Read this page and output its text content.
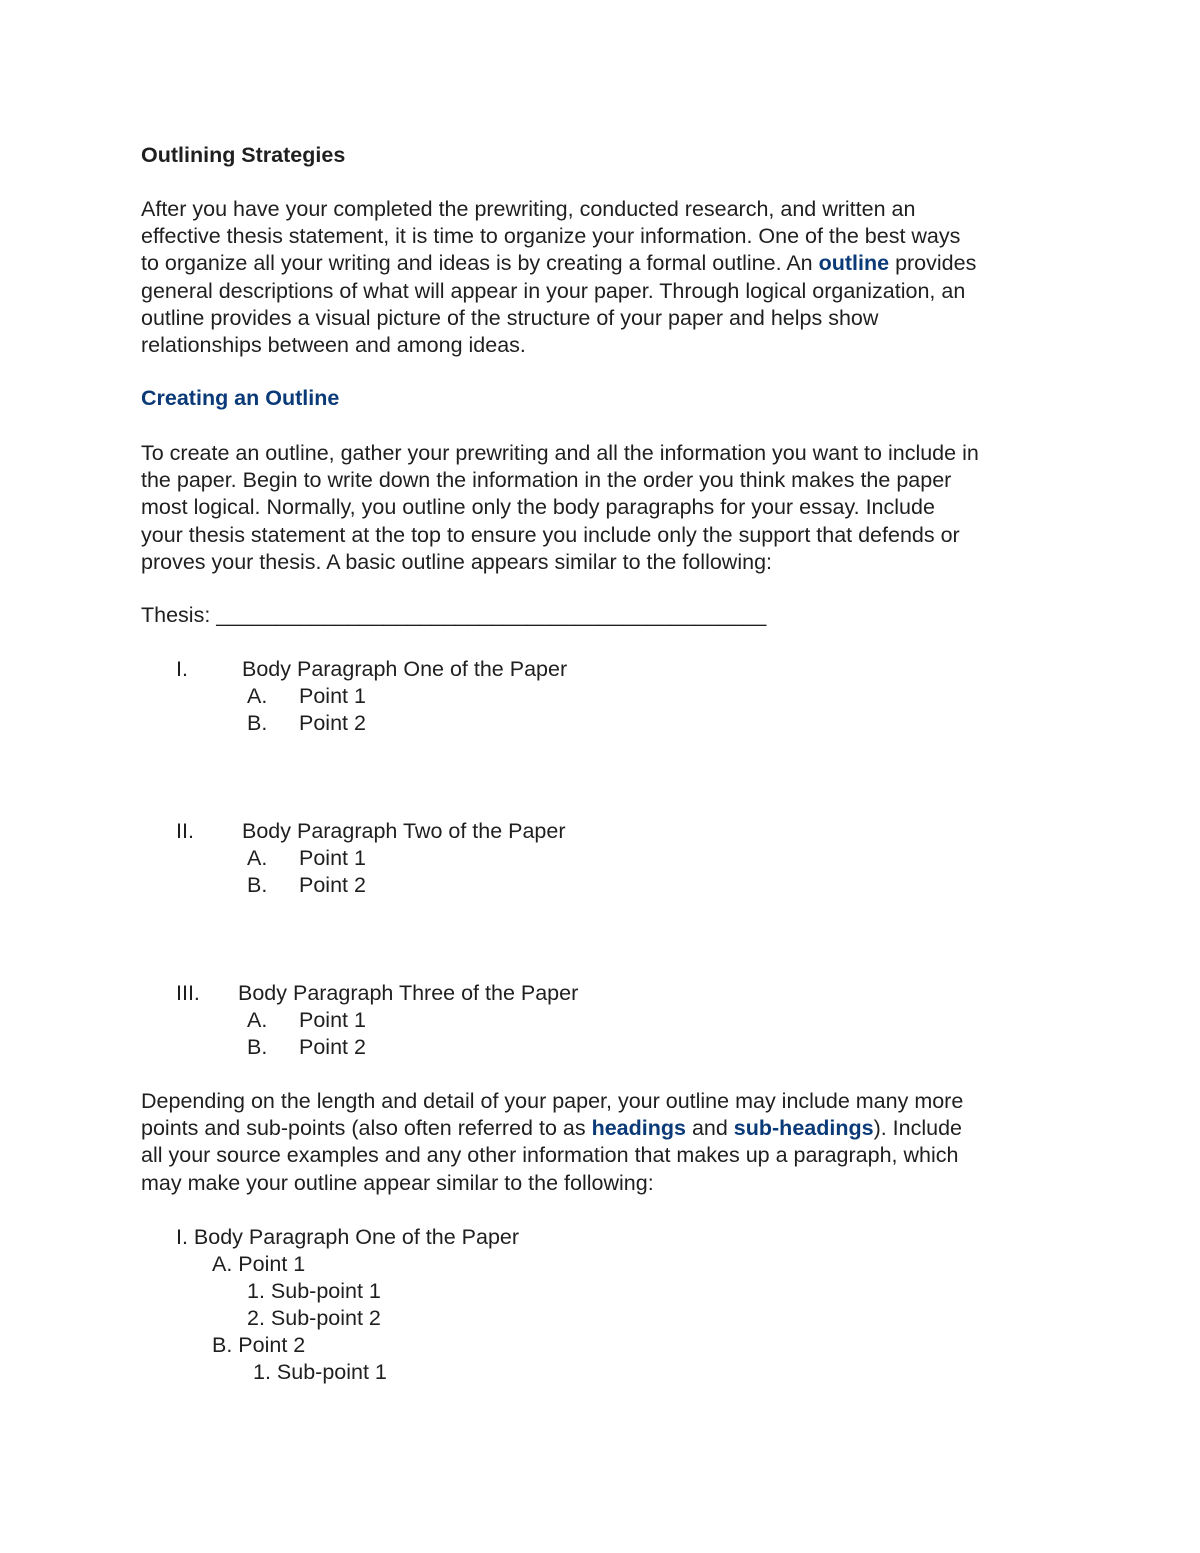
Outlining Strategies
After you have your completed the prewriting, conducted research, and written an
effective thesis statement, it is time to organize your information. One of the best ways
to organize all your writing and ideas is by creating a formal outline. An outline provides
general descriptions of what will appear in your paper. Through logical organization, an
outline provides a visual picture of the structure of your paper and helps show
relationships between and among ideas.
Creating an Outline
To create an outline, gather your prewriting and all the information you want to include in
the paper. Begin to write down the information in the order you think makes the paper
most logical. Normally, you outline only the body paragraphs for your essay. Include
your thesis statement at the top to ensure you include only the support that defends or
proves your thesis. A basic outline appears similar to the following:
Thesis: ______________________________________________
I.	Body Paragraph One of the Paper
A. Point 1
B. Point 2
II. Body Paragraph Two of the Paper
A. Point 1
B. Point 2
III. Body Paragraph Three of the Paper
A. Point 1
B. Point 2
Depending on the length and detail of your paper, your outline may include many more
points and sub-points (also often referred to as headings and sub-headings). Include
all your source examples and any other information that makes up a paragraph, which
may make your outline appear similar to the following:
I. Body Paragraph One of the Paper
A. Point 1
1. Sub-point 1
2. Sub-point 2
B. Point 2
1. Sub-point 1
